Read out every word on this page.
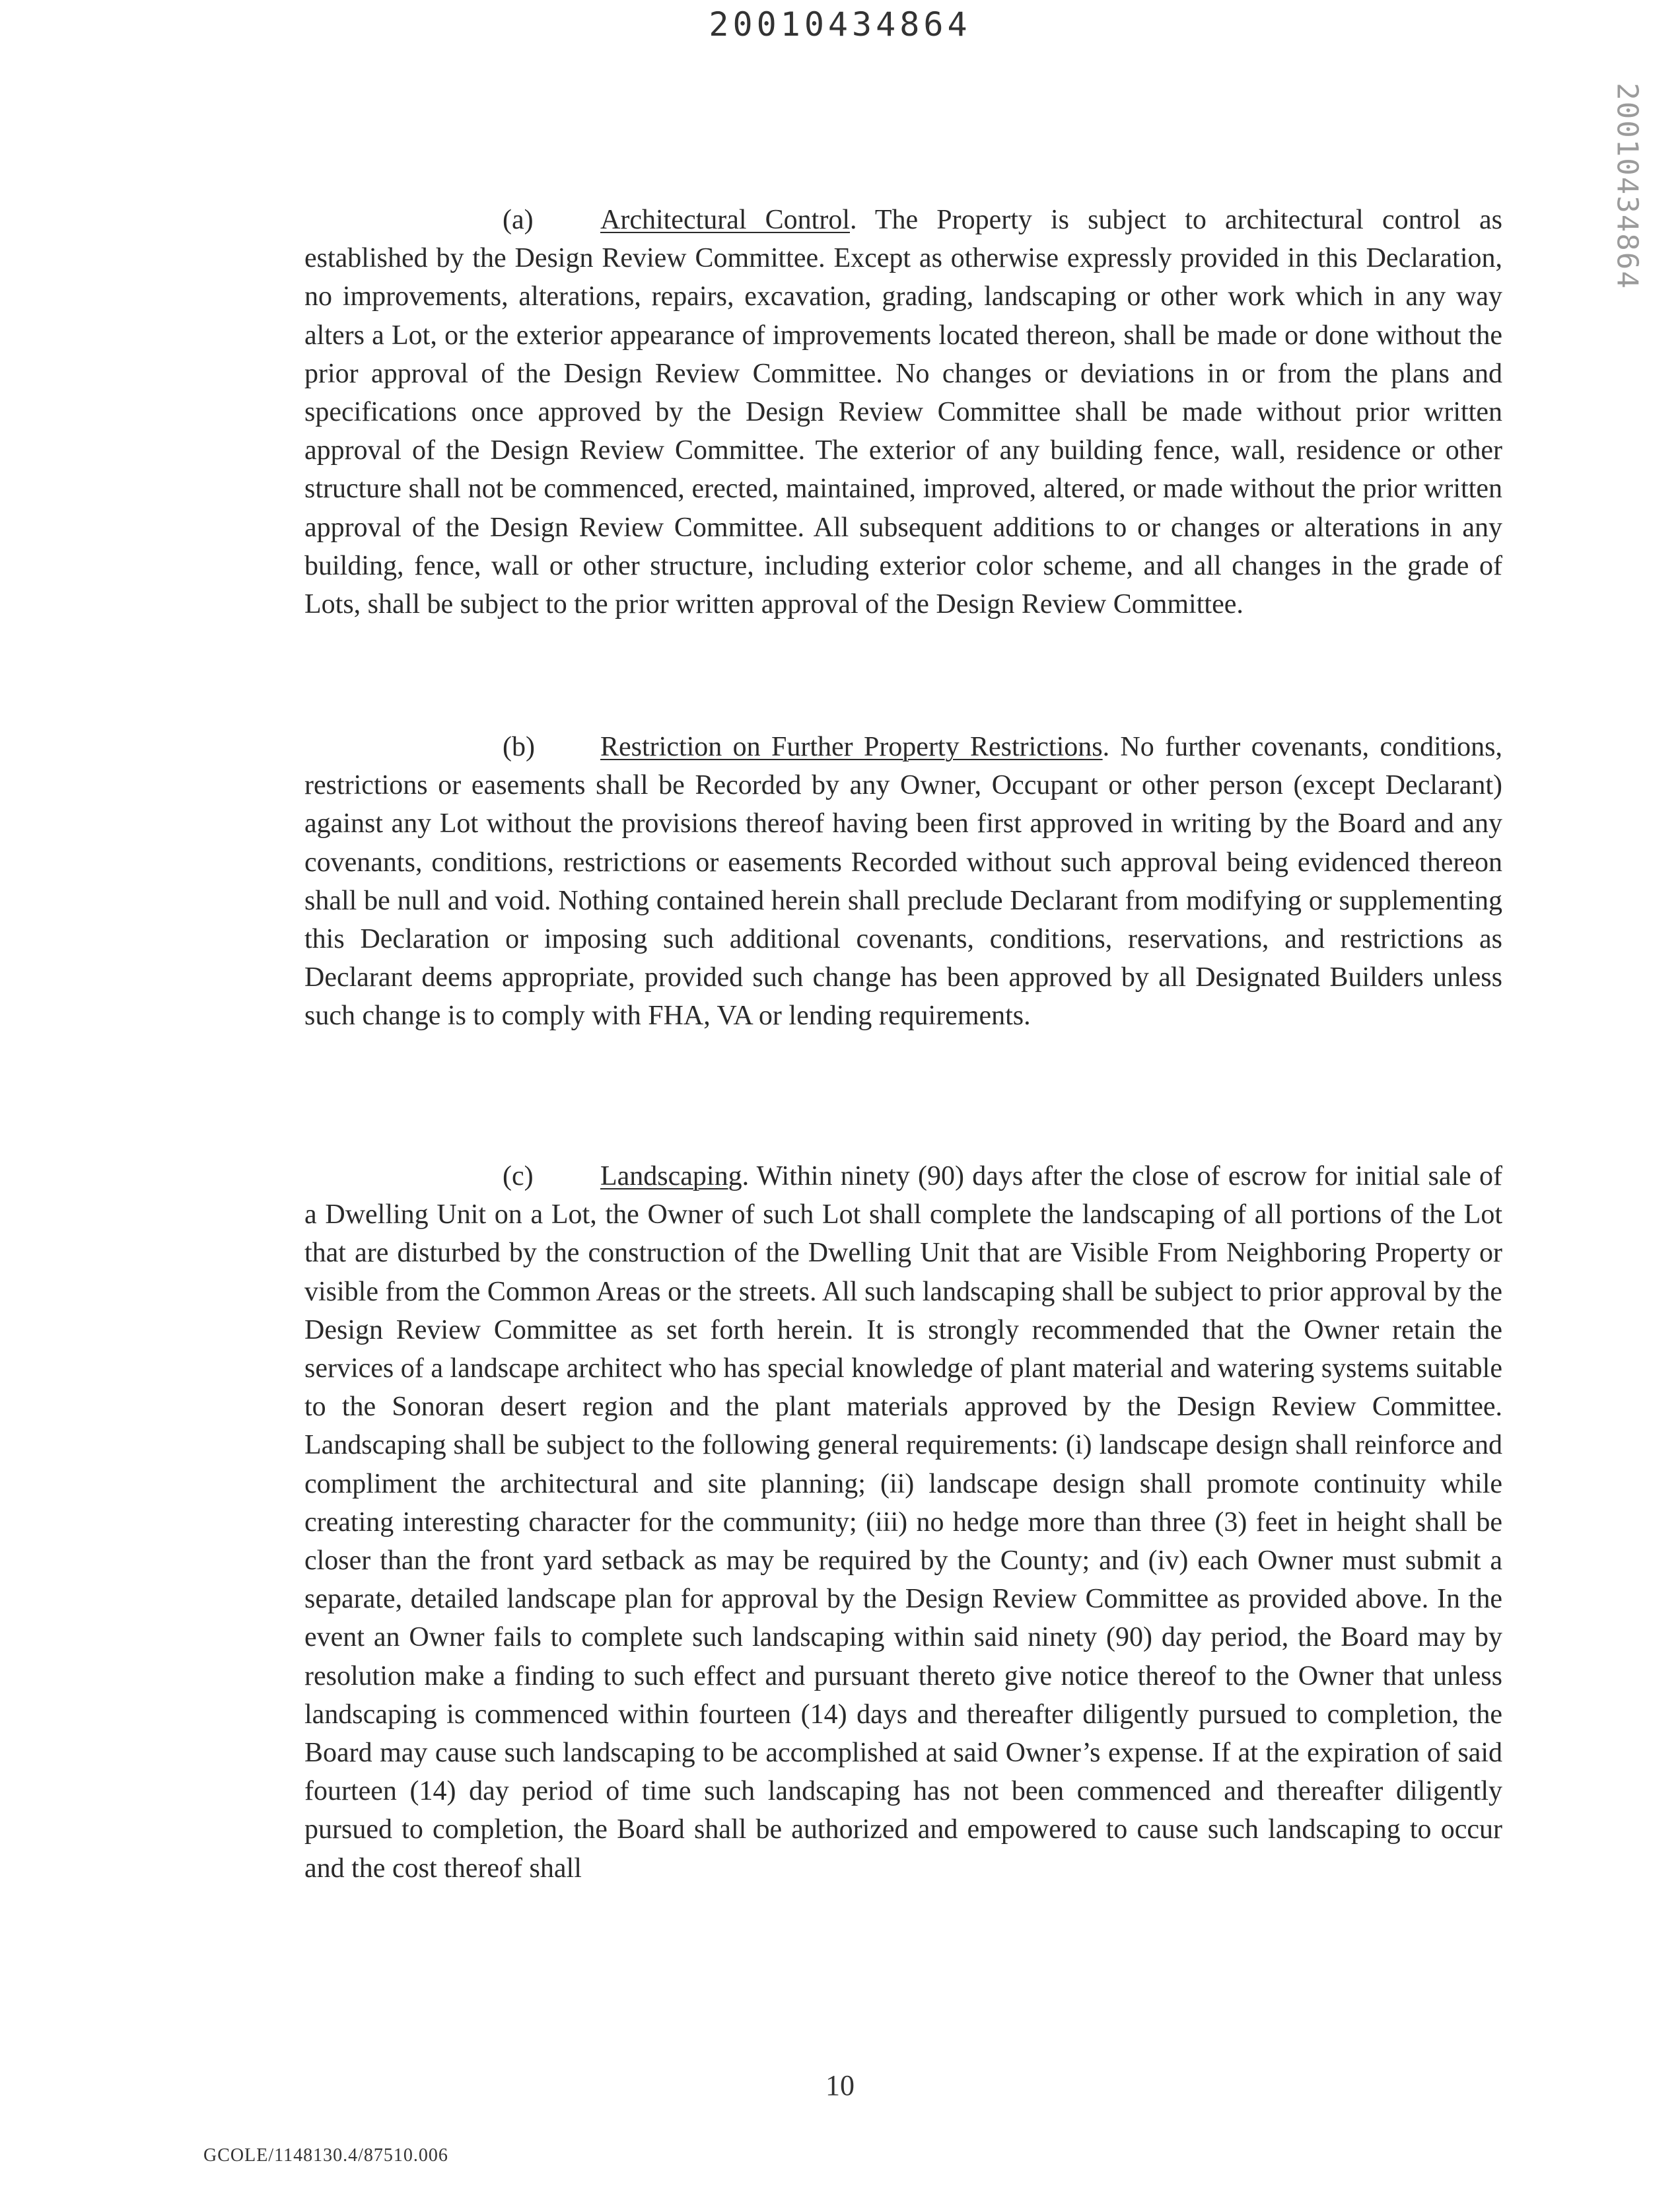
20010434864
20010434864

(a) Architectural Control. The Property is subject to architectural control as established by the Design Review Committee. Except as otherwise expressly provided in this Declaration, no improvements, alterations, repairs, excavation, grading, landscaping or other work which in any way alters a Lot, or the exterior appearance of improvements located thereon, shall be made or done without the prior approval of the Design Review Committee. No changes or deviations in or from the plans and specifications once approved by the Design Review Committee shall be made without prior written approval of the Design Review Committee. The exterior of any building fence, wall, residence or other structure shall not be commenced, erected, maintained, improved, altered, or made without the prior written approval of the Design Review Committee. All subsequent additions to or changes or alterations in any building, fence, wall or other structure, including exterior color scheme, and all changes in the grade of Lots, shall be subject to the prior written approval of the Design Review Committee.

(b) Restriction on Further Property Restrictions. No further covenants, conditions, restrictions or easements shall be Recorded by any Owner, Occupant or other person (except Declarant) against any Lot without the provisions thereof having been first approved in writing by the Board and any covenants, conditions, restrictions or easements Recorded without such approval being evidenced thereon shall be null and void. Nothing contained herein shall preclude Declarant from modifying or supplementing this Declaration or imposing such additional covenants, conditions, reservations, and restrictions as Declarant deems appropriate, provided such change has been approved by all Designated Builders unless such change is to comply with FHA, VA or lending requirements.

(c) Landscaping. Within ninety (90) days after the close of escrow for initial sale of a Dwelling Unit on a Lot, the Owner of such Lot shall complete the landscaping of all portions of the Lot that are disturbed by the construction of the Dwelling Unit that are Visible From Neighboring Property or visible from the Common Areas or the streets. All such landscaping shall be subject to prior approval by the Design Review Committee as set forth herein. It is strongly recommended that the Owner retain the services of a landscape architect who has special knowledge of plant material and watering systems suitable to the Sonoran desert region and the plant materials approved by the Design Review Committee. Landscaping shall be subject to the following general requirements: (i) landscape design shall reinforce and compliment the architectural and site planning; (ii) landscape design shall promote continuity while creating interesting character for the community; (iii) no hedge more than three (3) feet in height shall be closer than the front yard setback as may be required by the County; and (iv) each Owner must submit a separate, detailed landscape plan for approval by the Design Review Committee as provided above. In the event an Owner fails to complete such landscaping within said ninety (90) day period, the Board may by resolution make a finding to such effect and pursuant thereto give notice thereof to the Owner that unless landscaping is commenced within fourteen (14) days and thereafter diligently pursued to completion, the Board may cause such landscaping to be accomplished at said Owner’s expense. If at the expiration of said fourteen (14) day period of time such landscaping has not been commenced and thereafter diligently pursued to completion, the Board shall be authorized and empowered to cause such landscaping to occur and the cost thereof shall

10
GCOLE/1148130.4/87510.006
